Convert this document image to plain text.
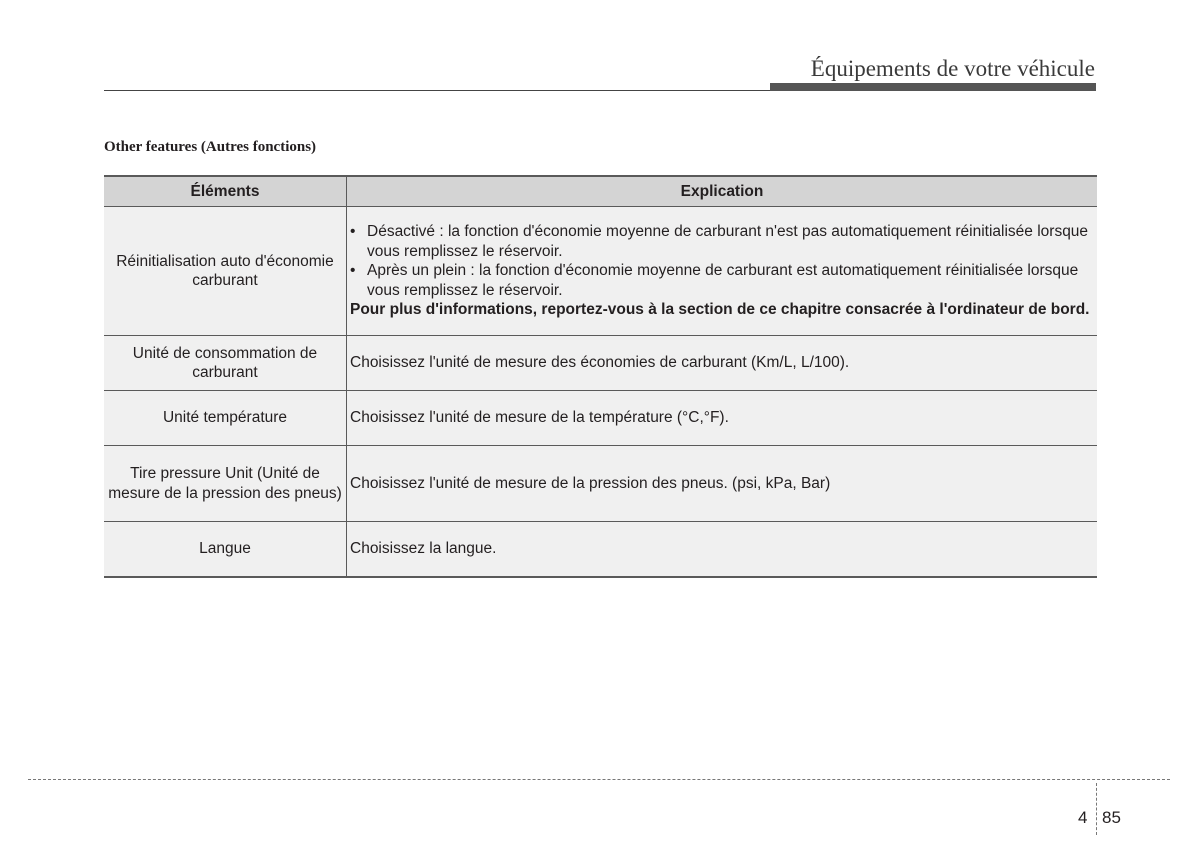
Équipements de votre véhicule
Other features (Autres fonctions)
Éléments	Explication
Réinitialisation auto d'économie carburant	• Désactivé : la fonction d'économie moyenne de carburant n'est pas automatiquement réinitialisée lorsque vous remplissez le réservoir.
• Après un plein : la fonction d'économie moyenne de carburant est automatiquement réinitialisée lorsque vous remplissez le réservoir.
Pour plus d'informations, reportez-vous à la section de ce chapitre consacrée à l'ordinateur de bord.

Unité de consommation de carburant	Choisissez l'unité de mesure des économies de carburant (Km/L, L/100).
Unité température	Choisissez l'unité de mesure de la température (°C,°F).
Tire pressure Unit (Unité de mesure de la pression des pneus)	Choisissez l'unité de mesure de la pression des pneus. (psi, kPa, Bar)
Langue	Choisissez la langue.
4 85
